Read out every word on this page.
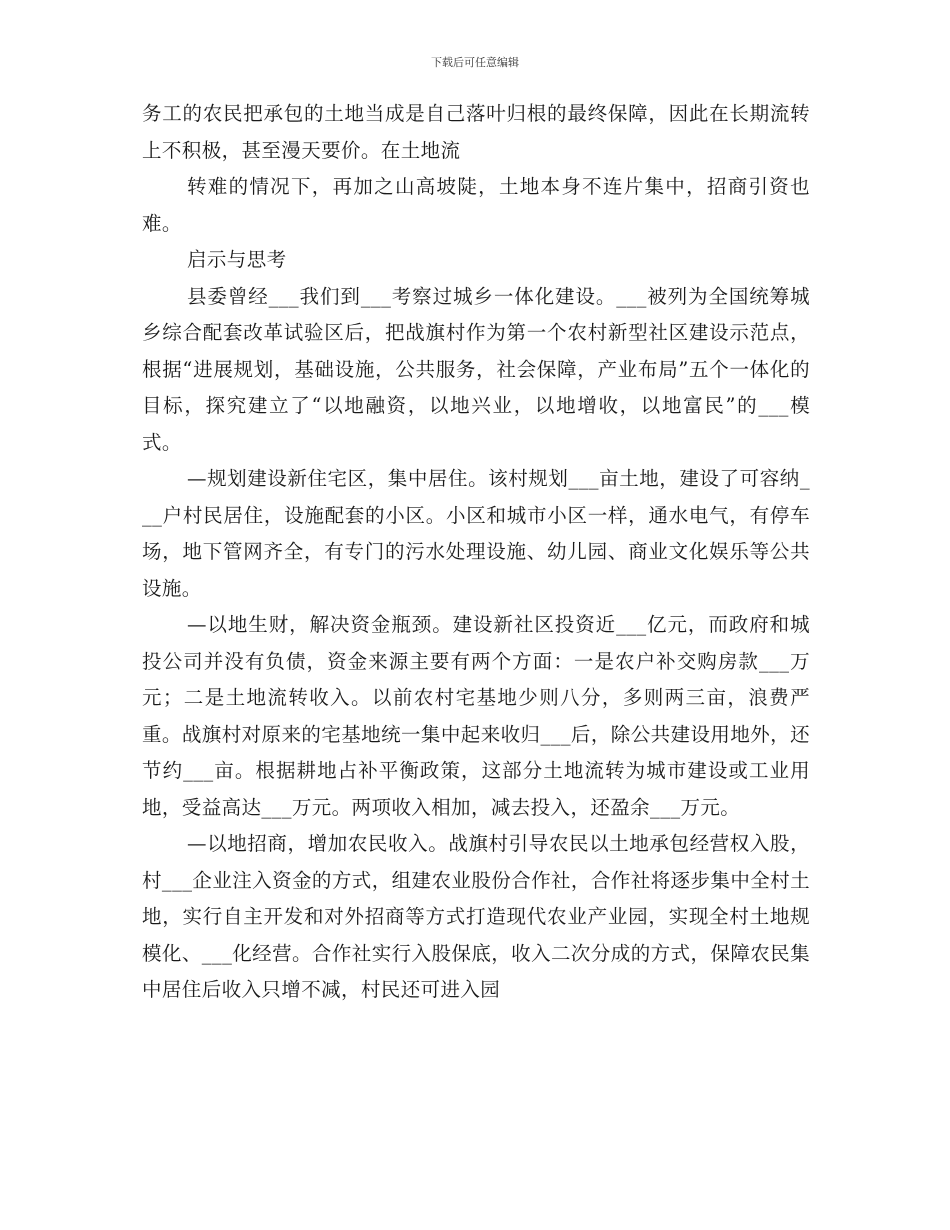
下载后可任意编辑

务工的农民把承包的土地当成是自己落叶归根的最终保障，因此在长期流转上不积极，甚至漫天要价。在土地流

转难的情况下，再加之山高坡陡，土地本身不连片集中，招商引资也难。

启示与思考

县委曾经___我们到___考察过城乡一体化建设。___被列为全国统筹城乡综合配套改革试验区后，把战旗村作为第一个农村新型社区建设示范点，根据“进展规划，基础设施，公共服务，社会保障，产业布局”五个一体化的目标，探究建立了“以地融资，以地兴业，以地增收，以地富民”的___模式。

—规划建设新住宅区，集中居住。该村规划___亩土地，建设了可容纳___户村民居住，设施配套的小区。小区和城市小区一样，通水电气，有停车场，地下管网齐全，有专门的污水处理设施、幼儿园、商业文化娱乐等公共设施。

—以地生财，解决资金瓶颈。建设新社区投资近___亿元，而政府和城投公司并没有负债，资金来源主要有两个方面：一是农户补交购房款___万元；二是土地流转收入。以前农村宅基地少则八分，多则两三亩，浪费严重。战旗村对原来的宅基地统一集中起来收归___后，除公共建设用地外，还节约___亩。根据耕地占补平衡政策，这部分土地流转为城市建设或工业用地，受益高达___万元。两项收入相加，减去投入，还盈余___万元。

—以地招商，增加农民收入。战旗村引导农民以土地承包经营权入股，村___企业注入资金的方式，组建农业股份合作社，合作社将逐步集中全村土地，实行自主开发和对外招商等方式打造现代农业产业园，实现全村土地规模化、___化经营。合作社实行入股保底，收入二次分成的方式，保障农民集中居住后收入只增不减，村民还可进入园
